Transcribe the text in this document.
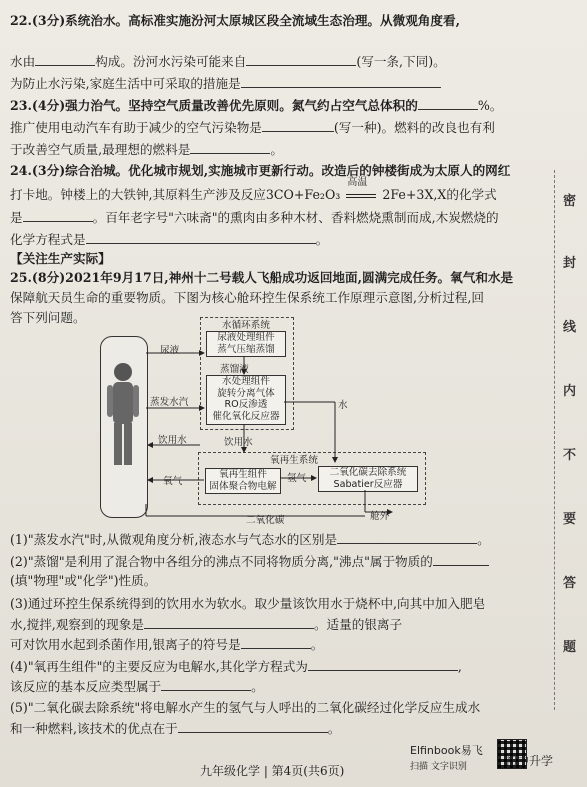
22.(3分)系统治水。高标准实施汾河太原城区段全流域生态治理。从微观角度看,
水由	构成。汾河水污染可能来自	(写一条,下同)。
为防止水污染,家庭生活中可采取的措施是
23.(4分)强力治气。坚持空气质量改善优先原则。氮气约占空气总体积的	%。
推广使用电动汽车有助于减少的空气污染物是	(写一种)。燃料的改良也有利
于改善空气质量,最理想的燃料是	。
24.(3分)综合治城。优化城市规划,实施城市更新行动。改造后的钟楼街成为太原人的网红
打卡地。钟楼上的大铁钟,其原料生产涉及反应3CO+Fe₂O₃
高温
2Fe+3X,X的化学式
是	。百年老字号"六味斋"的熏肉由多种木材、香料燃烧熏制而成,木炭燃烧的
化学方程式是	。
【关注生产实际】
25.(8分)2021年9月17日,神州十二号载人飞船成功返回地面,圆满完成任务。氧气和水是
保障航天员生命的重要物质。下图为核心舱环控生保系统工作原理示意图,分析过程,回
答下列问题。
水循环系统
尿液处理组件
蒸气压缩蒸馏
蒸馏液
水处理组件
旋转分离气体
RO反渗透
催化氧化反应器
氧再生系统
氧再生组件
固体聚合物电解
二氧化碳去除系统
Sabatier反应器
尿液
蒸发水汽
饮用水	饮用水
水
氧气	氢气
二氧化碳	舱外
(1)"蒸发水汽"时,从微观角度分析,液态水与气态水的区别是	。
(2)"蒸馏"是利用了混合物中各组分的沸点不同将物质分离,"沸点"属于物质的
(填"物理"或"化学")性质。
(3)通过环控生保系统得到的饮用水为软水。取少量该饮用水于烧杯中,向其中加入肥皂
水,搅拌,观察到的现象是	。适量的银离子
可对饮用水起到杀菌作用,银离子的符号是	。
(4)"氧再生组件"的主要反应为电解水,其化学方程式为	,
该反应的基本反应类型属于	。
(5)"二氧化碳去除系统"将电解水产生的氢气与人呼出的二氧化碳经过化学反应生成水
和一种燃料,该技术的优点在于	。
密
封
线
内
不
要
答
题
九年级化学 | 第4页(共6页)
Elfinbook易飞
扫描 文字识别	初中升学
